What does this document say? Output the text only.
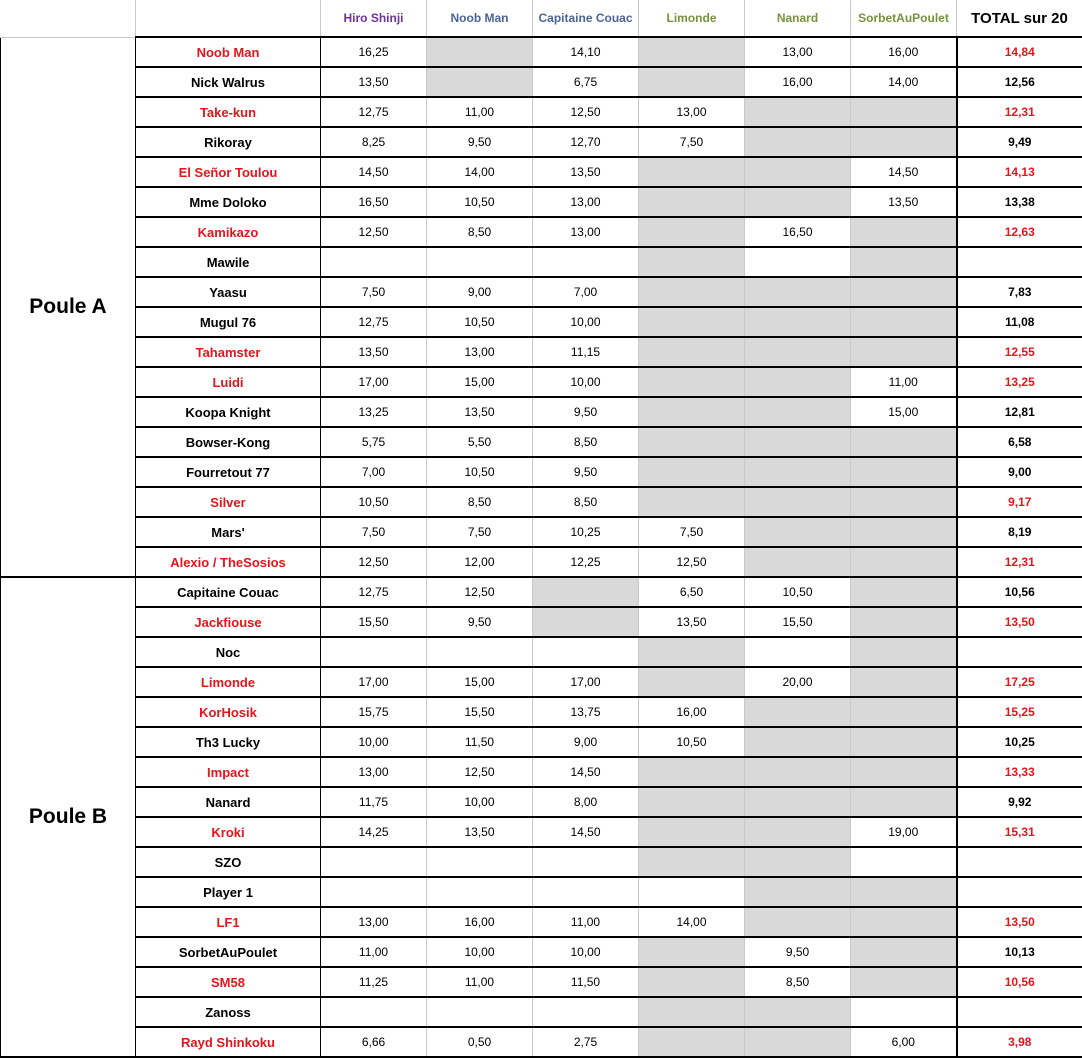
		Hiro Shinji	Noob Man	Capitaine Couac	Limonde	Nanard	SorbetAuPoulet	TOTAL sur 20
Poule A	Noob Man	16,25		14,10		13,00	16,00	14,84
	Nick Walrus	13,50		6,75		16,00	14,00	12,56
	Take-kun	12,75	11,00	12,50	13,00			12,31
	Rikoray	8,25	9,50	12,70	7,50			9,49
	El Señor Toulou	14,50	14,00	13,50			14,50	14,13
	Mme Doloko	16,50	10,50	13,00			13,50	13,38
	Kamikazo	12,50	8,50	13,00		16,50		12,63
	Mawile							
	Yaasu	7,50	9,00	7,00				7,83
	Mugul 76	12,75	10,50	10,00				11,08
	Tahamster	13,50	13,00	11,15				12,55
	Luidi	17,00	15,00	10,00			11,00	13,25
	Koopa Knight	13,25	13,50	9,50			15,00	12,81
	Bowser-Kong	5,75	5,50	8,50				6,58
	Fourretout 77	7,00	10,50	9,50				9,00
	Silver	10,50	8,50	8,50				9,17
	Mars'	7,50	7,50	10,25	7,50			8,19
	Alexio / TheSosios	12,50	12,00	12,25	12,50			12,31
Poule B	Capitaine Couac	12,75	12,50		6,50	10,50		10,56
	Jackfiouse	15,50	9,50		13,50	15,50		13,50
	Noc							
	Limonde	17,00	15,00	17,00		20,00		17,25
	KorHosik	15,75	15,50	13,75	16,00			15,25
	Th3 Lucky	10,00	11,50	9,00	10,50			10,25
	Impact	13,00	12,50	14,50				13,33
	Nanard	11,75	10,00	8,00				9,92
	Kroki	14,25	13,50	14,50			19,00	15,31
	SZO							
	Player 1							
	LF1	13,00	16,00	11,00	14,00			13,50
	SorbetAuPoulet	11,00	10,00	10,00		9,50		10,13
	SM58	11,25	11,00	11,50		8,50		10,56
	Zanoss							
	Rayd Shinkoku	6,66	0,50	2,75			6,00	3,98
